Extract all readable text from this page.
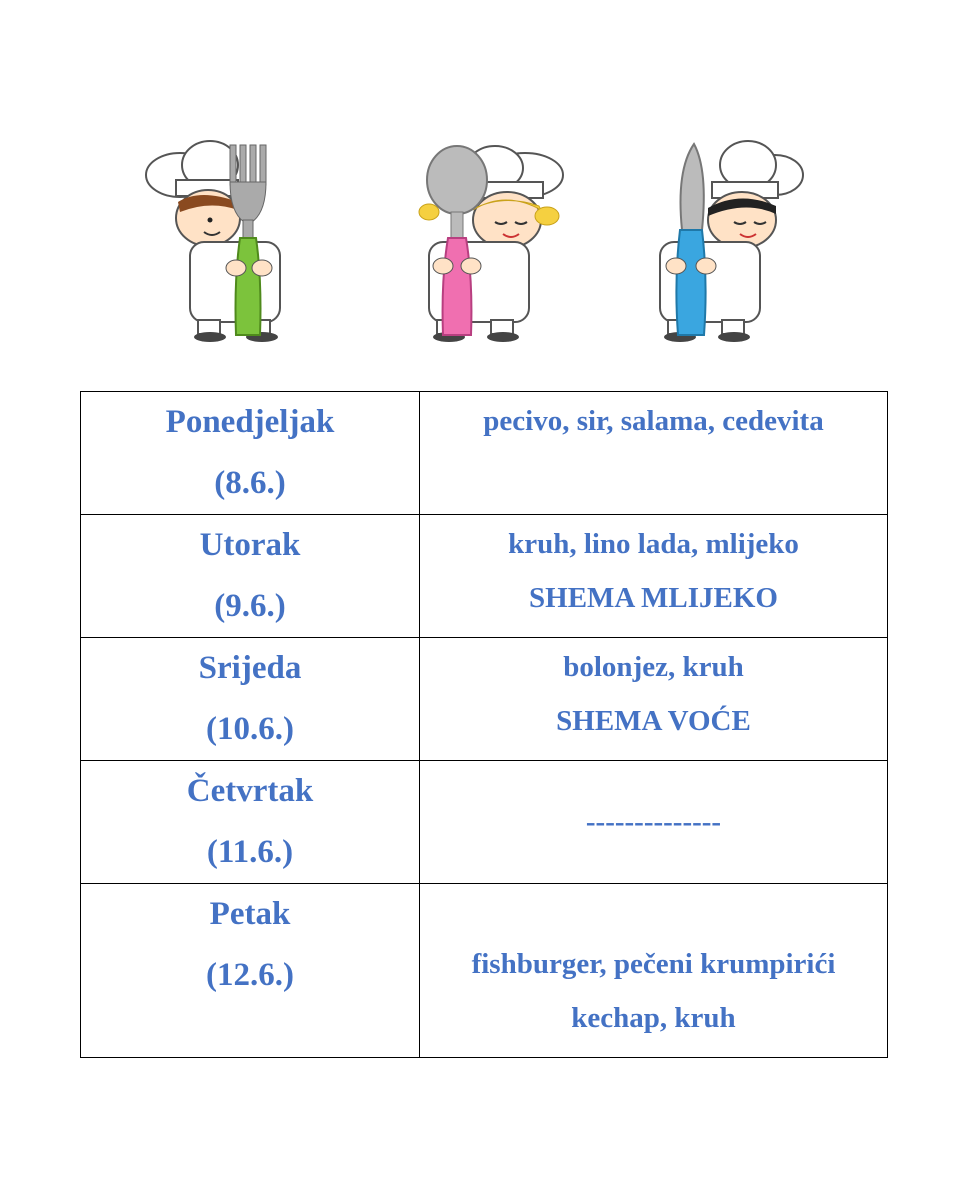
Ponedjeljak
(8.6.)	pecivo, sir, salama, cedevita

Utorak
(9.6.)	kruh, lino lada, mlijeko
SHEMA MLIJEKO

Srijeda
(10.6.)	bolonjez, kruh
SHEMA VOĆE

Četvrtak
(11.6.)	--------------

Petak
(12.6.)	fishburger, pečeni krumpirići
kechap, kruh
